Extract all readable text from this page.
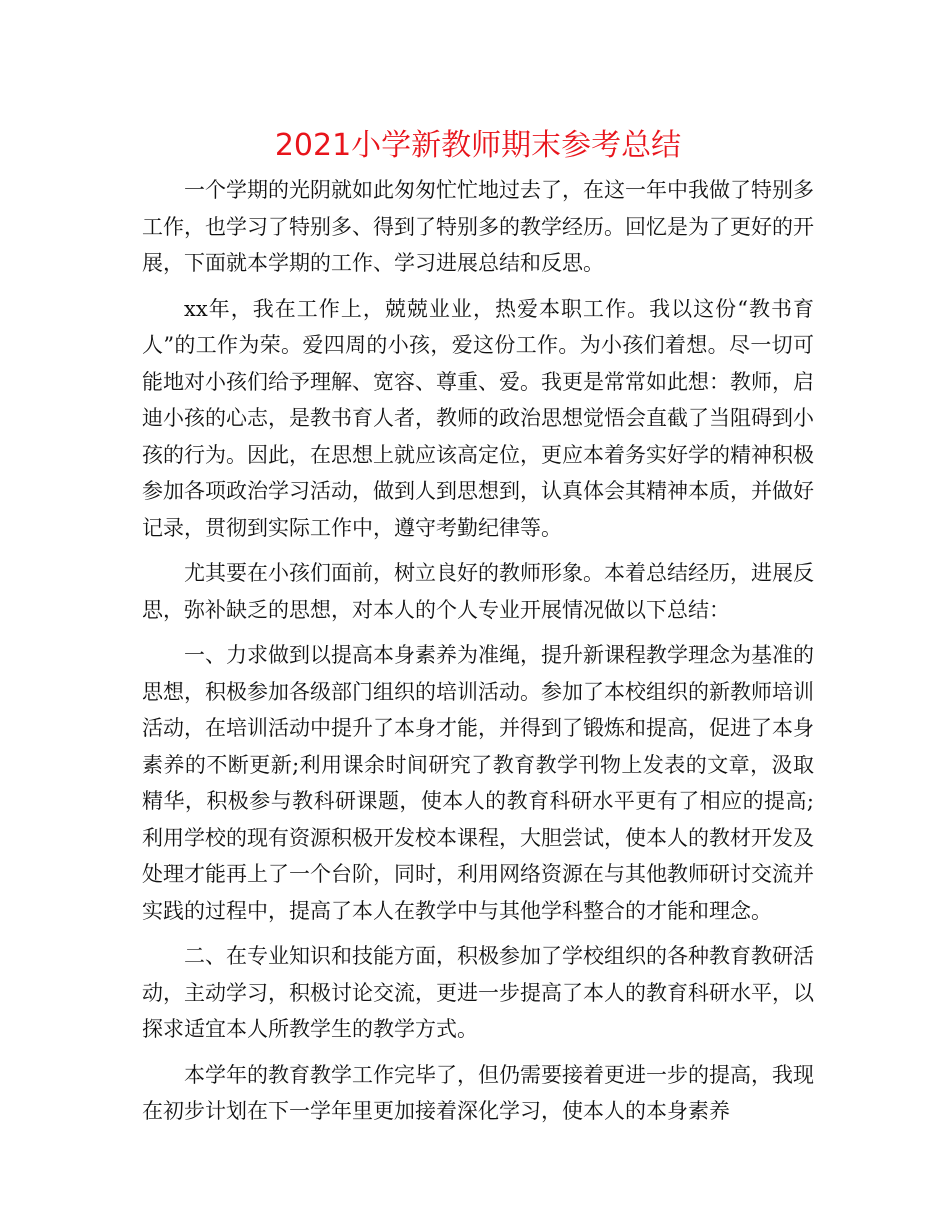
2021小学新教师期末参考总结

一个学期的光阴就如此匆匆忙忙地过去了，在这一年中我做了特别多工作，也学习了特别多、得到了特别多的教学经历。回忆是为了更好的开展，下面就本学期的工作、学习进展总结和反思。

xx年，我在工作上，兢兢业业，热爱本职工作。我以这份“教书育人”的工作为荣。爱四周的小孩，爱这份工作。为小孩们着想。尽一切可能地对小孩们给予理解、宽容、尊重、爱。我更是常常如此想：教师，启迪小孩的心志，是教书育人者，教师的政治思想觉悟会直截了当阻碍到小孩的行为。因此，在思想上就应该高定位，更应本着务实好学的精神积极参加各项政治学习活动，做到人到思想到，认真体会其精神本质，并做好记录，贯彻到实际工作中，遵守考勤纪律等。

尤其要在小孩们面前，树立良好的教师形象。本着总结经历，进展反思，弥补缺乏的思想，对本人的个人专业开展情况做以下总结：

一、力求做到以提高本身素养为准绳，提升新课程教学理念为基准的思想，积极参加各级部门组织的培训活动。参加了本校组织的新教师培训活动，在培训活动中提升了本身才能，并得到了锻炼和提高，促进了本身素养的不断更新;利用课余时间研究了教育教学刊物上发表的文章，汲取精华，积极参与教科研课题，使本人的教育科研水平更有了相应的提高;利用学校的现有资源积极开发校本课程，大胆尝试，使本人的教材开发及处理才能再上了一个台阶，同时，利用网络资源在与其他教师研讨交流并实践的过程中，提高了本人在教学中与其他学科整合的才能和理念。

二、在专业知识和技能方面，积极参加了学校组织的各种教育教研活动，主动学习，积极讨论交流，更进一步提高了本人的教育科研水平，以探求适宜本人所教学生的教学方式。

本学年的教育教学工作完毕了，但仍需要接着更进一步的提高，我现在初步计划在下一学年里更加接着深化学习，使本人的本身素养
